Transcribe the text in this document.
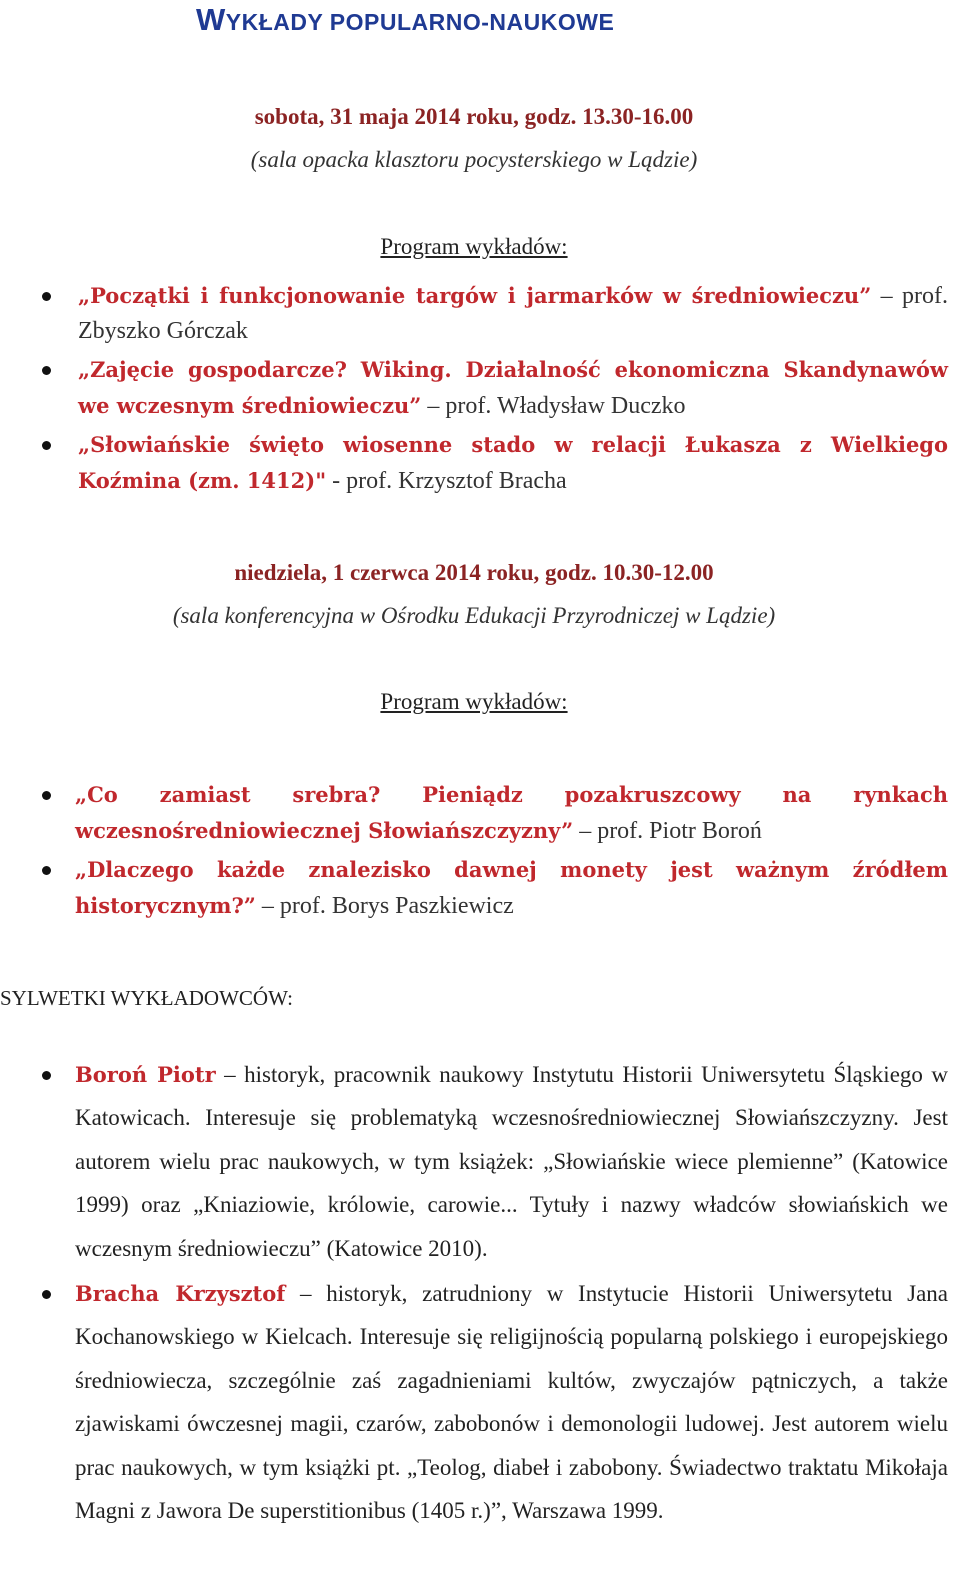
WYKŁADY POPULARNO-NAUKOWE
sobota, 31 maja 2014 roku, godz. 13.30-16.00
(sala opacka klasztoru pocysterskiego w Lądzie)
Program wykładów:
„Początki i funkcjonowanie targów i jarmarków w średniowieczu” – prof. Zbyszko Górczak
„Zajęcie gospodarcze? Wiking. Działalność ekonomiczna Skandynawów we wczesnym średniowieczu” – prof. Władysław Duczko
„Słowiańskie święto wiosenne stado w relacji Łukasza z Wielkiego Koźmina (zm. 1412)" - prof. Krzysztof Bracha
niedziela, 1 czerwca 2014 roku, godz. 10.30-12.00
(sala konferencyjna w Ośrodku Edukacji Przyrodniczej w Lądzie)
Program wykładów:
„Co zamiast srebra? Pieniądz pozakruszcowy na rynkach wczesnośredniowiecznej Słowiańszczyzny” – prof. Piotr Boroń
„Dlaczego każde znalezisko dawnej monety jest ważnym źródłem historycznym?” – prof. Borys Paszkiewicz
SYLWETKI WYKŁADOWCÓW:
Boroń Piotr – historyk, pracownik naukowy Instytutu Historii Uniwersytetu Śląskiego w Katowicach. Interesuje się problematyką wczesnośredniowiecznej Słowiańszczyzny. Jest autorem wielu prac naukowych, w tym książek: „Słowiańskie wiece plemienne” (Katowice 1999) oraz „Kniaziowie, królowie, carowie... Tytuły i nazwy władców słowiańskich we wczesnym średniowieczu” (Katowice 2010).
Bracha Krzysztof – historyk, zatrudniony w Instytucie Historii Uniwersytetu Jana Kochanowskiego w Kielcach. Interesuje się religijnością popularną polskiego i europejskiego średniowiecza, szczególnie zaś zagadnieniami kultów, zwyczajów pątniczych, a także zjawiskami ówczesnej magii, czarów, zabobonów i demonologii ludowej. Jest autorem wielu prac naukowych, w tym książki pt. „Teolog, diabeł i zabobony. Świadectwo traktatu Mikołaja Magni z Jawora De superstitionibus (1405 r.)”, Warszawa 1999.
